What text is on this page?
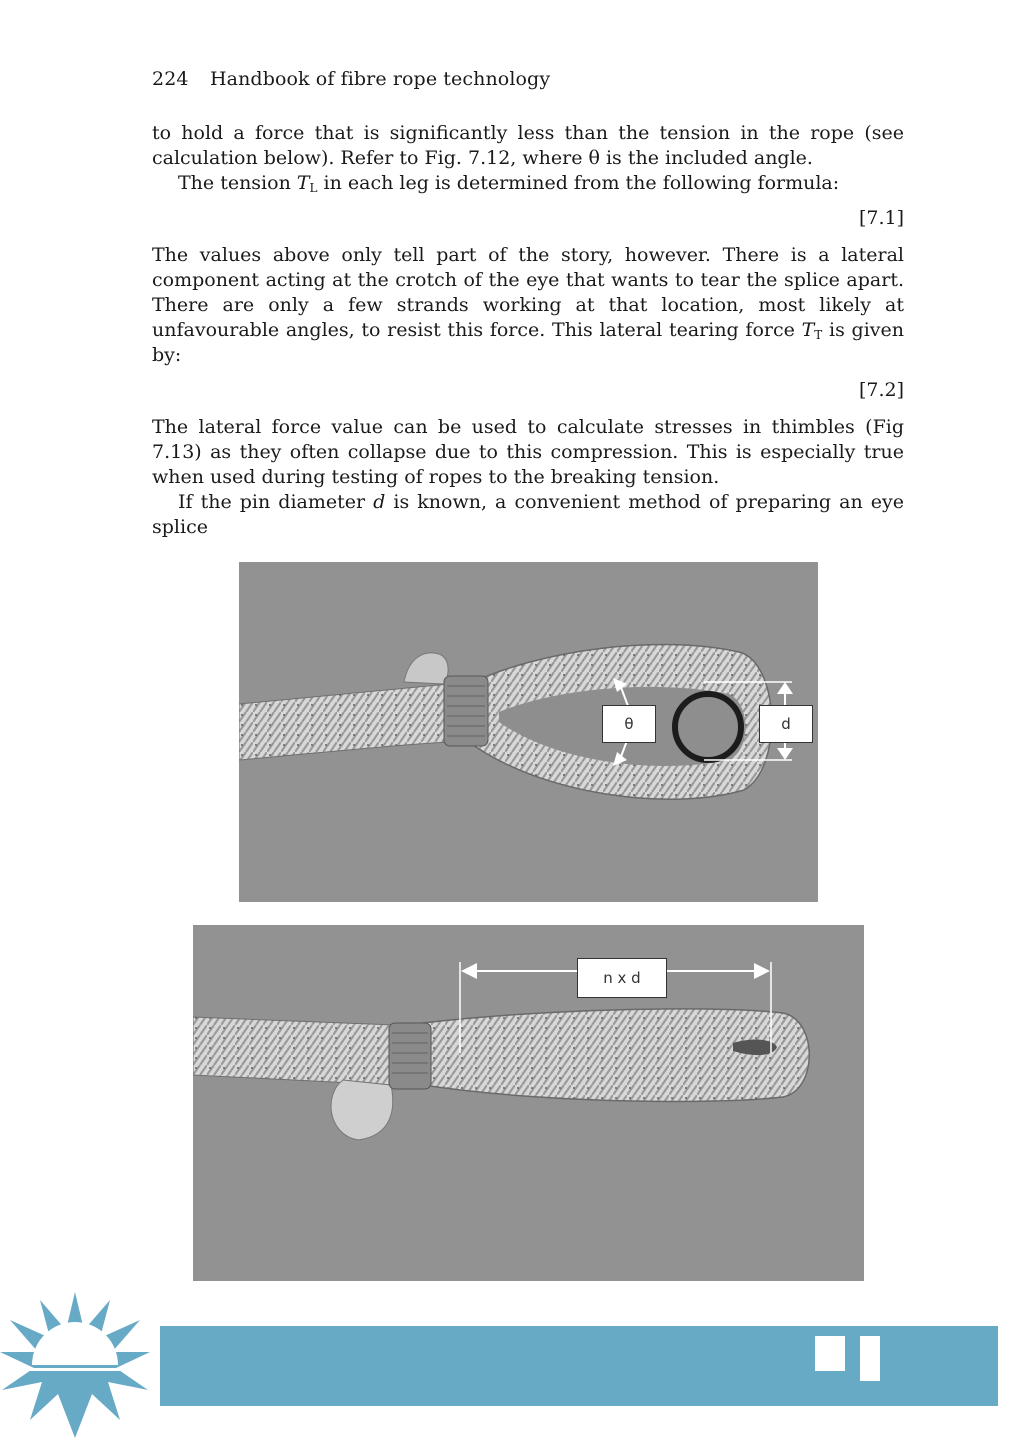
224 Handbook of fibre rope technology

to hold a force that is significantly less than the tension in the rope (see calculation below). Refer to Fig. 7.12, where θ is the included angle.

The tension $T_L$ in each leg is determined from the following formula:

[7.1]

The values above only tell part of the story, however. There is a lateral component acting at the crotch of the eye that wants to tear the splice apart. There are only a few strands working at that location, most likely at unfavourable angles, to resist this force. This lateral tearing force $T_T$ is given by:

[7.2]

The lateral force value can be used to calculate stresses in thimbles (Fig 7.13) as they often collapse due to this compression. This is especially true when used during testing of ropes to the breaking tension.

If the pin diameter d is known, a convenient method of preparing an eye splice

θ	d
n x d
